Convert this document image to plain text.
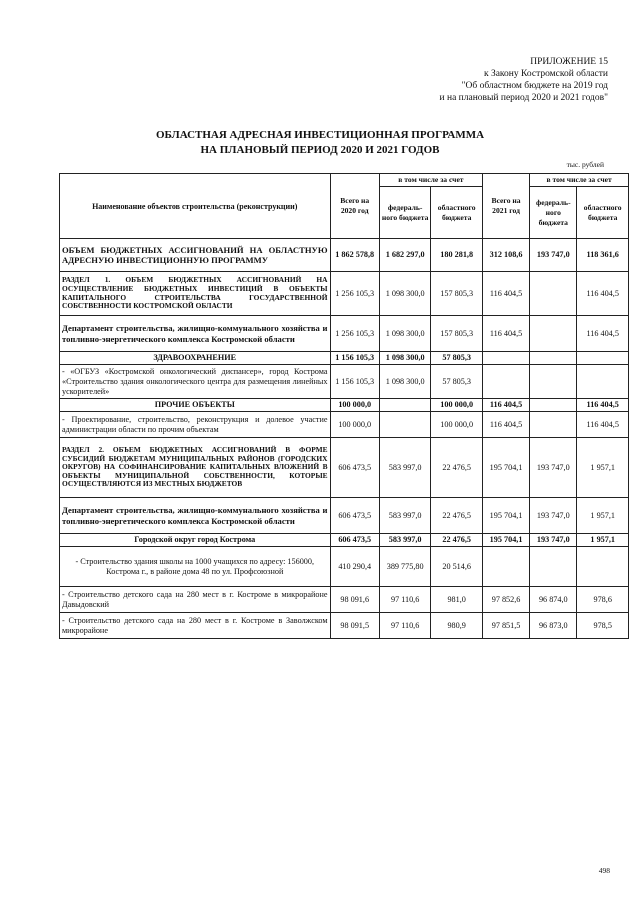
ПРИЛОЖЕНИЕ 15
к Закону Костромской области
"Об областном бюджете на 2019 год
и на плановый период 2020 и 2021 годов"
ОБЛАСТНАЯ АДРЕСНАЯ ИНВЕСТИЦИОННАЯ ПРОГРАММА
НА ПЛАНОВЫЙ ПЕРИОД 2020 И 2021 ГОДОВ
тыс. рублей
Наименование объектов строительства (реконструкции)	Всего на 2020 год	в том числе за счет		Всего на 2021 год	в том числе за счет	
		федераль-ного бюджета	областного бюджета		федераль-ного бюджета	областного бюджета
ОБЪЕМ БЮДЖЕТНЫХ АССИГНОВАНИЙ НА ОБЛАСТНУЮ АДРЕСНУЮ ИНВЕСТИЦИОННУЮ ПРОГРАММУ	1 862 578,8	1 682 297,0	180 281,8	312 108,6	193 747,0	118 361,6
РАЗДЕЛ 1. ОБЪЕМ БЮДЖЕТНЫХ АССИГНОВАНИЙ НА ОСУЩЕСТВЛЕНИЕ БЮДЖЕТНЫХ ИНВЕСТИЦИЙ В ОБЪЕКТЫ КАПИТАЛЬНОГО СТРОИТЕЛЬСТВА ГОСУДАРСТВЕННОЙ СОБСТВЕННОСТИ КОСТРОМСКОЙ ОБЛАСТИ	1 256 105,3	1 098 300,0	157 805,3	116 404,5		116 404,5
Департамент строительства, жилищно-коммунального хозяйства и топливно-энергетического комплекса Костромской области	1 256 105,3	1 098 300,0	157 805,3	116 404,5		116 404,5
ЗДРАВООХРАНЕНИЕ	1 156 105,3	1 098 300,0	57 805,3			
- «ОГБУЗ «Костромской онкологический диспансер», город Кострома «Строительство здания онкологического центра для размещения линейных ускорителей»	1 156 105,3	1 098 300,0	57 805,3			
ПРОЧИЕ ОБЪЕКТЫ	100 000,0		100 000,0	116 404,5		116 404,5
- Проектирование, строительство, реконструкция и долевое участие администрации области по прочим объектам	100 000,0		100 000,0	116 404,5		116 404,5
РАЗДЕЛ 2. ОБЪЕМ БЮДЖЕТНЫХ АССИГНОВАНИЙ В ФОРМЕ СУБСИДИЙ БЮДЖЕТАМ МУНИЦИПАЛЬНЫХ РАЙОНОВ (ГОРОДСКИХ ОКРУГОВ) НА СОФИНАНСИРОВАНИЕ КАПИТАЛЬНЫХ ВЛОЖЕНИЙ В ОБЪЕКТЫ МУНИЦИПАЛЬНОЙ СОБСТВЕННОСТИ, КОТОРЫЕ ОСУЩЕСТВЛЯЮТСЯ ИЗ МЕСТНЫХ БЮДЖЕТОВ	606 473,5	583 997,0	22 476,5	195 704,1	193 747,0	1 957,1
Департамент строительства, жилищно-коммунального хозяйства и топливно-энергетического комплекса Костромской области	606 473,5	583 997,0	22 476,5	195 704,1	193 747,0	1 957,1
Городской округ город Кострома	606 473,5	583 997,0	22 476,5	195 704,1	193 747,0	1 957,1
- Строительство здания школы на 1000 учащихся по адресу: 156000, Кострома г., в районе дома 48 по ул. Профсоюзной	410 290,4	389 775,80	20 514,6			
- Строительство детского сада на 280 мест в г. Костроме в микрорайоне Давыдовский	98 091,6	97 110,6	981,0	97 852,6	96 874,0	978,6
- Строительство детского сада на 280 мест в г. Костроме в Заволжском микрорайоне	98 091,5	97 110,6	980,9	97 851,5	96 873,0	978,5
498
